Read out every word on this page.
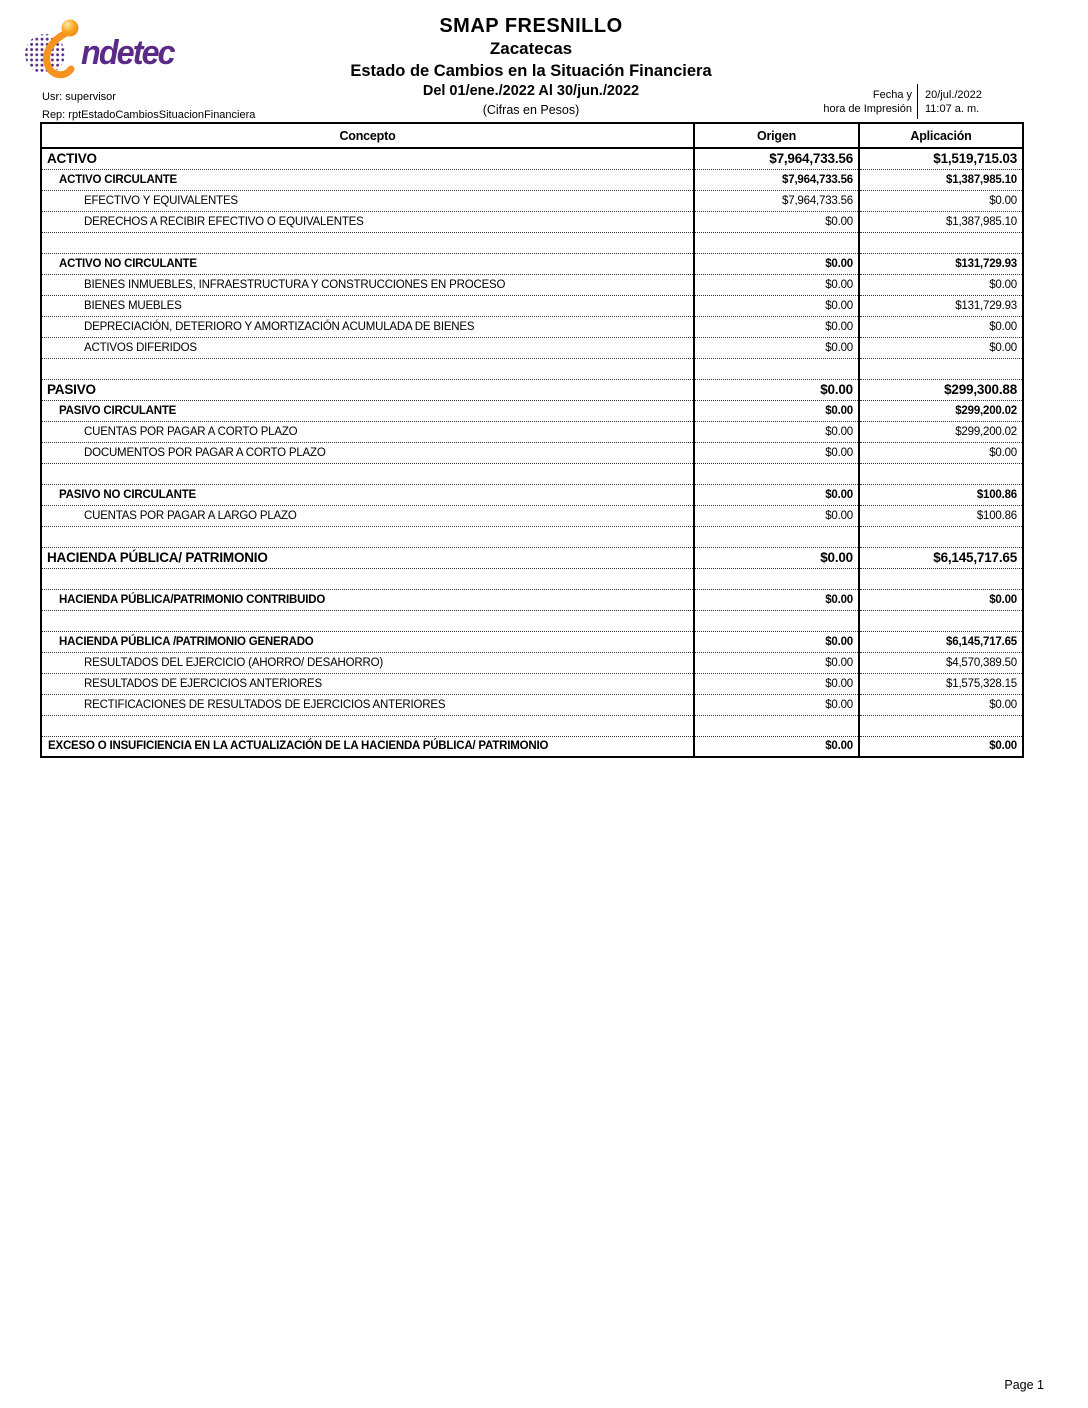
ndetec
SMAP FRESNILLO
Zacatecas
Estado de Cambios en la Situación Financiera
Del 01/ene./2022 Al 30/jun./2022
(Cifras en Pesos)
Usr: supervisor
Rep: rptEstadoCambiosSituacionFinanciera
Fecha y
hora de Impresión
20/jul./2022
11:07 a. m.
Concepto	Origen	Aplicación
ACTIVO	$7,964,733.56	$1,519,715.03
ACTIVO CIRCULANTE	$7,964,733.56	$1,387,985.10
EFECTIVO Y EQUIVALENTES	$7,964,733.56	$0.00
DERECHOS A RECIBIR EFECTIVO O EQUIVALENTES	$0.00	$1,387,985.10

ACTIVO NO CIRCULANTE	$0.00	$131,729.93
BIENES INMUEBLES, INFRAESTRUCTURA Y CONSTRUCCIONES EN PROCESO	$0.00	$0.00
BIENES MUEBLES	$0.00	$131,729.93
DEPRECIACIÓN, DETERIORO Y AMORTIZACIÓN ACUMULADA DE BIENES	$0.00	$0.00
ACTIVOS DIFERIDOS	$0.00	$0.00

PASIVO	$0.00	$299,300.88
PASIVO CIRCULANTE	$0.00	$299,200.02
CUENTAS POR PAGAR A CORTO PLAZO	$0.00	$299,200.02
DOCUMENTOS POR PAGAR A CORTO PLAZO	$0.00	$0.00

PASIVO NO CIRCULANTE	$0.00	$100.86
CUENTAS POR PAGAR A LARGO PLAZO	$0.00	$100.86

HACIENDA PÚBLICA/ PATRIMONIO	$0.00	$6,145,717.65

HACIENDA PÚBLICA/PATRIMONIO CONTRIBUIDO	$0.00	$0.00

HACIENDA PÚBLICA /PATRIMONIO GENERADO	$0.00	$6,145,717.65
RESULTADOS DEL EJERCICIO (AHORRO/ DESAHORRO)	$0.00	$4,570,389.50
RESULTADOS DE EJERCICIOS ANTERIORES	$0.00	$1,575,328.15
RECTIFICACIONES DE RESULTADOS DE EJERCICIOS ANTERIORES	$0.00	$0.00

EXCESO O INSUFICIENCIA EN LA ACTUALIZACIÓN DE LA HACIENDA PÚBLICA/ PATRIMONIO	$0.00	$0.00
Page 1
